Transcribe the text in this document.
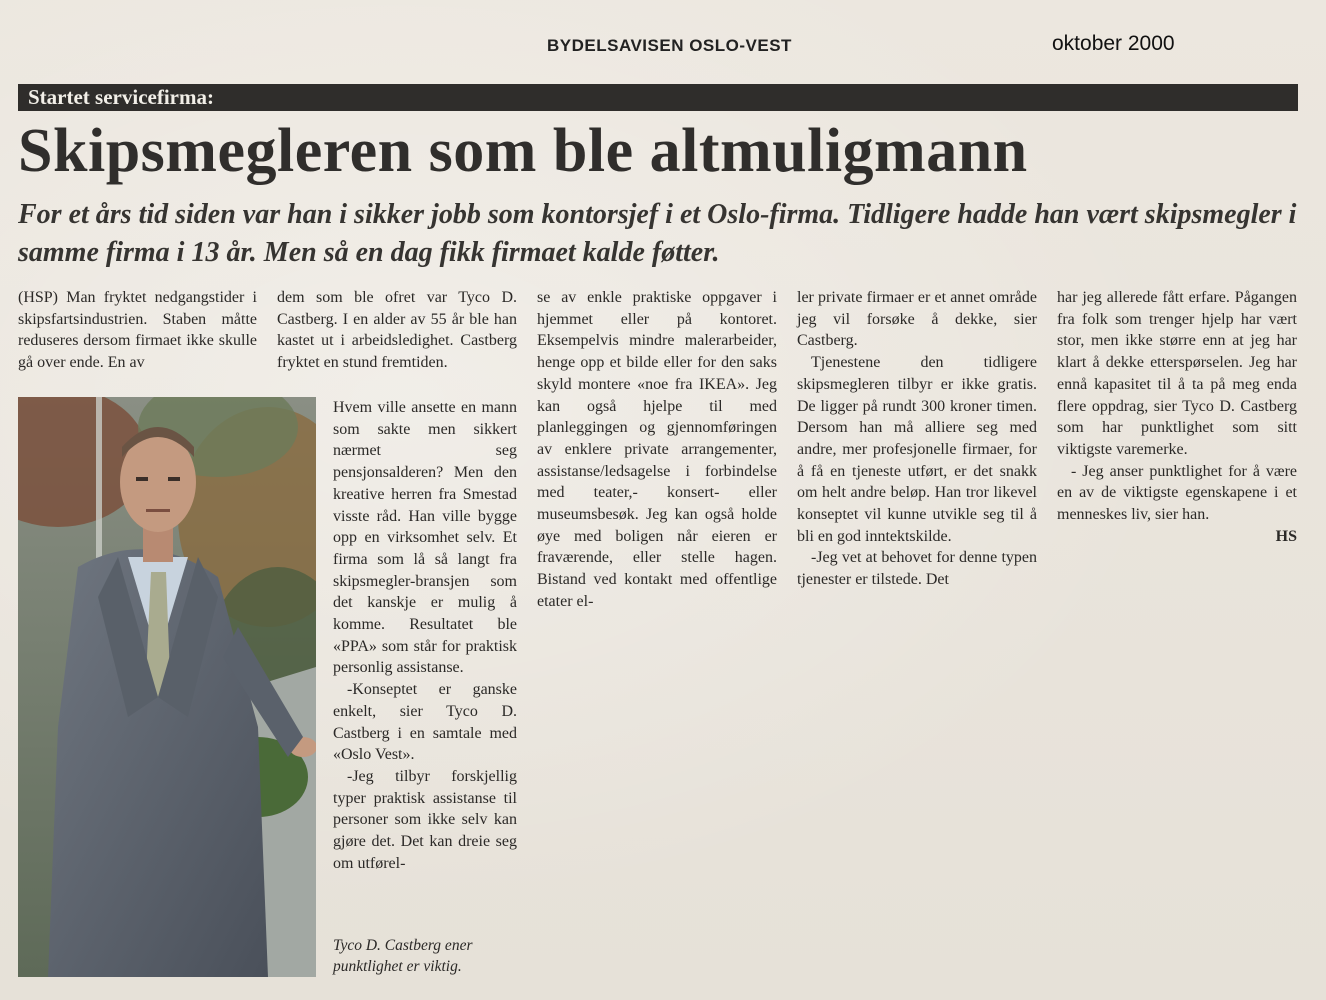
BYDELSAVISEN OSLO-VEST	oktober 2000
Startet servicefirma:
Skipsmegleren som ble altmuligmann
For et års tid siden var han i sikker jobb som kontorsjef i et Oslo-firma. Tidligere hadde han vært skipsmegler i samme firma i 13 år. Men så en dag fikk firmaet kalde føtter.

(HSP) Man fryktet nedgangstider i skipsfartsindustrien. Staben måtte reduseres dersom firmaet ikke skulle gå over ende. En av

dem som ble ofret var Tyco D. Castberg. I en alder av 55 år ble han kastet ut i arbeidsledighet. Castberg fryktet en stund fremtiden.

Hvem ville ansette en mann som sakte men sikkert nærmet seg pensjonsalderen? Men den kreative herren fra Smestad visste råd. Han ville bygge opp en virksomhet selv. Et firma som lå så langt fra skipsmegler-bransjen som det kanskje er mulig å komme. Resultatet ble «PPA» som står for praktisk personlig assistanse.

-Konseptet er ganske enkelt, sier Tyco D. Castberg i en samtale med «Oslo Vest».

-Jeg tilbyr forskjellig typer praktisk assistanse til personer som ikke selv kan gjøre det. Det kan dreie seg om utførel-

se av enkle praktiske oppgaver i hjemmet eller på kontoret. Eksempelvis mindre malerarbeider, henge opp et bilde eller for den saks skyld montere «noe fra IKEA». Jeg kan også hjelpe til med planleggingen og gjennomføringen av enklere private arrangementer, assistanse/ledsagelse i forbindelse med teater,- konsert- eller museumsbesøk. Jeg kan også holde øye med boligen når eieren er fraværende, eller stelle hagen. Bistand ved kontakt med offentlige etater el-

ler private firmaer er et annet område jeg vil forsøke å dekke, sier Castberg.

Tjenestene den tidligere skipsmegleren tilbyr er ikke gratis. De ligger på rundt 300 kroner timen. Dersom han må alliere seg med andre, mer profesjonelle firmaer, for å få en tjeneste utført, er det snakk om helt andre beløp. Han tror likevel konseptet vil kunne utvikle seg til å bli en god inntektskilde.

-Jeg vet at behovet for denne typen tjenester er tilstede. Det

har jeg allerede fått erfare. Pågangen fra folk som trenger hjelp har vært stor, men ikke større enn at jeg har klart å dekke etterspørselen. Jeg har ennå kapasitet til å ta på meg enda flere oppdrag, sier Tyco D. Castberg som har punktlighet som sitt viktigste varemerke.

- Jeg anser punktlighet for å være en av de viktigste egenskapene i et menneskes liv, sier han.

HS

Tyco D. Castberg ener punktlighet er viktig.
